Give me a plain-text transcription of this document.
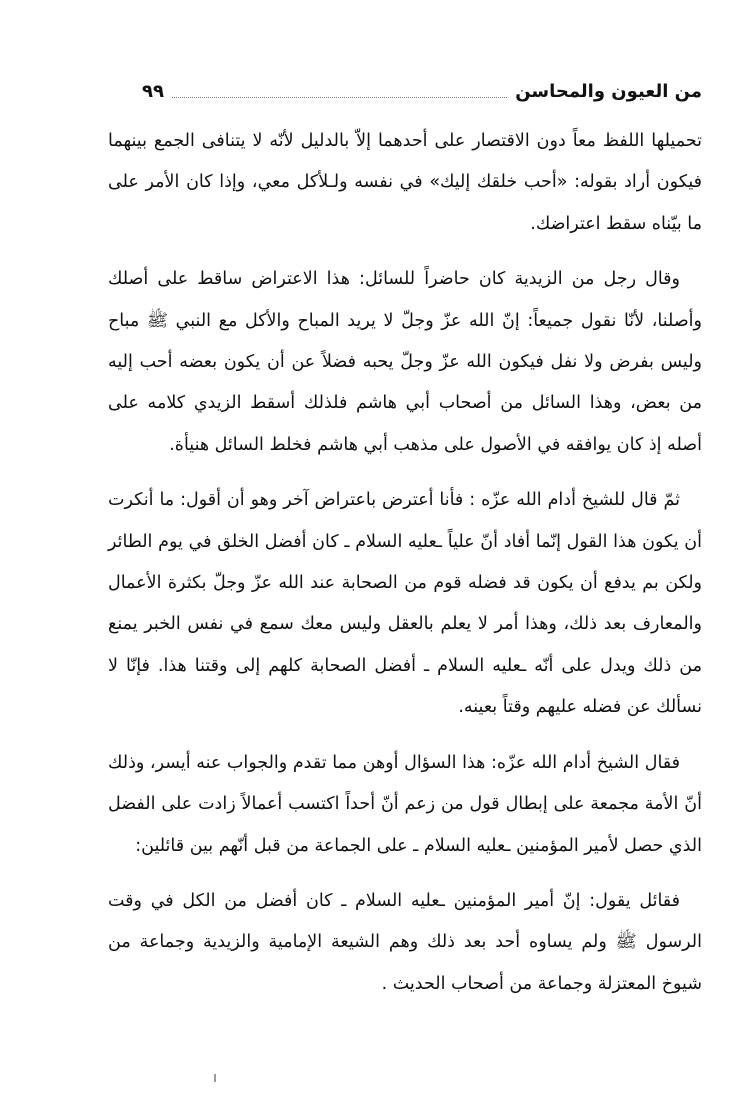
من العيون والمحاسن
٩٩

تحميلها اللفظ معاً دون الاقتصار على أحدهما إلاّ بالدليل لأنّه لا يتنافى الجمع بينهما فيكون أراد بقوله: «أحب خلقك إليك» في نفسه ولـلأكل معي، وإذا كان الأمر على ما بيّناه سقط اعتراضك.

وقال رجل من الزيدية كان حاضراً للسائل: هذا الاعتراض ساقط على أصلك وأصلنا، لأنّا نقول جميعاً: إنّ الله عزّ وجلّ لا يريد المباح والأكل مع النبي ﷺ مباح وليس بفرض ولا نفل فيكون الله عزّ وجلّ يحبه فضلاً عن أن يكون بعضه أحب إليه من بعض، وهذا السائل من أصحاب أبي هاشم فلذلك أسقط الزيدي كلامه على أصله إذ كان يوافقه في الأصول على مذهب أبي هاشم فخلط السائل هنيأة.

ثمّ قال للشيخ أدام الله عزّه : فأنا أعترض باعتراض آخر وهو أن أقول: ما أنكرت أن يكون هذا القول إنّما أفاد أنّ علياً ـعليه السلام ـ كان أفضل الخلق في يوم الطائر ولكن بم يدفع أن يكون قد فضله قوم من الصحابة عند الله عزّ وجلّ بكثرة الأعمال والمعارف بعد ذلك، وهذا أمر لا يعلم بالعقل وليس معك سمع في نفس الخبر يمنع من ذلك ويدل على أنّه ـعليه السلام ـ أفضل الصحابة كلهم إلى وقتنا هذا. فإنّا لا نسألك عن فضله عليهم وقتاً بعينه.

فقال الشيخ أدام الله عزّه: هذا السؤال أوهن مما تقدم والجواب عنه أيسر، وذلك أنّ الأمة مجمعة على إبطال قول من زعم أنّ أحداً اكتسب أعمالاً زادت على الفضل الذي حصل لأمير المؤمنين ـعليه السلام ـ على الجماعة من قبل أنّهم بين قائلين:

فقائل يقول: إنّ أمير المؤمنين ـعليه السلام ـ كان أفضل من الكل في وقت الرسول ﷺ ولم يساوه أحد بعد ذلك وهم الشيعة الإمامية والزيدية وجماعة من شيوخ المعتزلة وجماعة من أصحاب الحديث .
